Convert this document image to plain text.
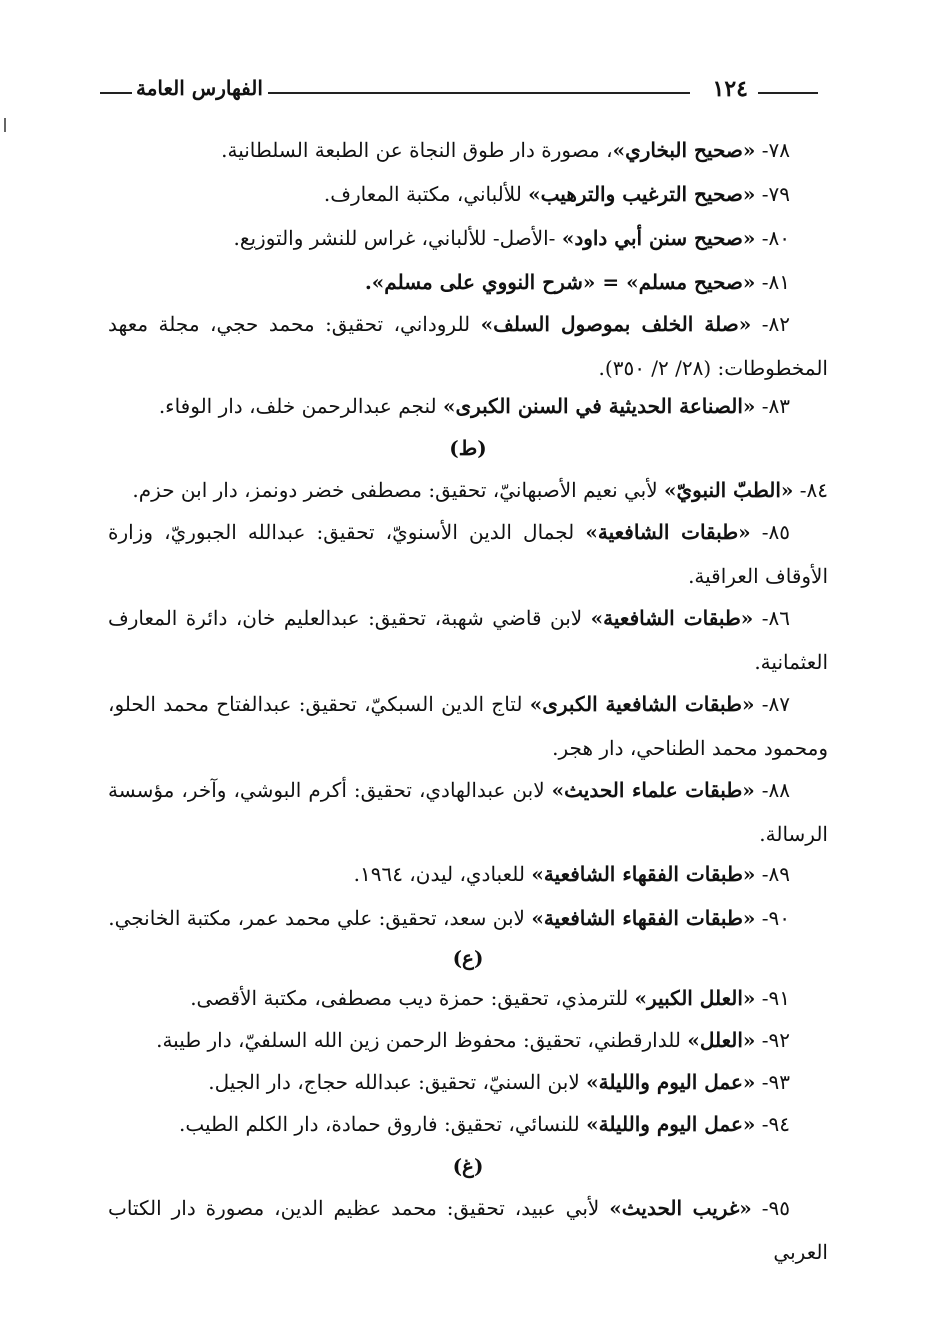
١٢٤
الفهارس العامة
٧٨- «صحيح البخاري»، مصورة دار طوق النجاة عن الطبعة السلطانية.
٧٩- «صحيح الترغيب والترهيب» للألباني، مكتبة المعارف.
٨٠- «صحيح سنن أبي داود» -الأصل- للألباني، غراس للنشر والتوزيع.
٨١- «صحيح مسلم» = «شرح النووي على مسلم».
٨٢- «صلة الخلف بموصول السلف» للروداني، تحقيق: محمد حجي، مجلة معهد المخطوطات: (٢٨/ ٢/ ٣٥٠).
٨٣- «الصناعة الحديثية في السنن الكبرى» لنجم عبدالرحمن خلف، دار الوفاء.
(ط)
٨٤- «الطبّ النبويّ» لأبي نعيم الأصبهانيّ، تحقيق: مصطفى خضر دونمز، دار ابن حزم.
٨٥- «طبقات الشافعية» لجمال الدين الأسنويّ، تحقيق: عبدالله الجبوريّ، وزارة الأوقاف العراقية.
٨٦- «طبقات الشافعية» لابن قاضي شهبة، تحقيق: عبدالعليم خان، دائرة المعارف العثمانية.
٨٧- «طبقات الشافعية الكبرى» لتاج الدين السبكيّ، تحقيق: عبدالفتاح محمد الحلو، ومحمود محمد الطناحي، دار هجر.
٨٨- «طبقات علماء الحديث» لابن عبدالهادي، تحقيق: أكرم البوشي، وآخر، مؤسسة الرسالة.
٨٩- «طبقات الفقهاء الشافعية» للعبادي، ليدن، ١٩٦٤.
٩٠- «طبقات الفقهاء الشافعية» لابن سعد، تحقيق: علي محمد عمر، مكتبة الخانجي.
(ع)
٩١- «العلل الكبير» للترمذي، تحقيق: حمزة ديب مصطفى، مكتبة الأقصى.
٩٢- «العلل» للدارقطني، تحقيق: محفوظ الرحمن زين الله السلفيّ، دار طيبة.
٩٣- «عمل اليوم والليلة» لابن السنيّ، تحقيق: عبدالله حجاج، دار الجيل.
٩٤- «عمل اليوم والليلة» للنسائي، تحقيق: فاروق حمادة، دار الكلم الطيب.
(غ)
٩٥- «غريب الحديث» لأبي عبيد، تحقيق: محمد عظيم الدين، مصورة دار الكتاب العربي
